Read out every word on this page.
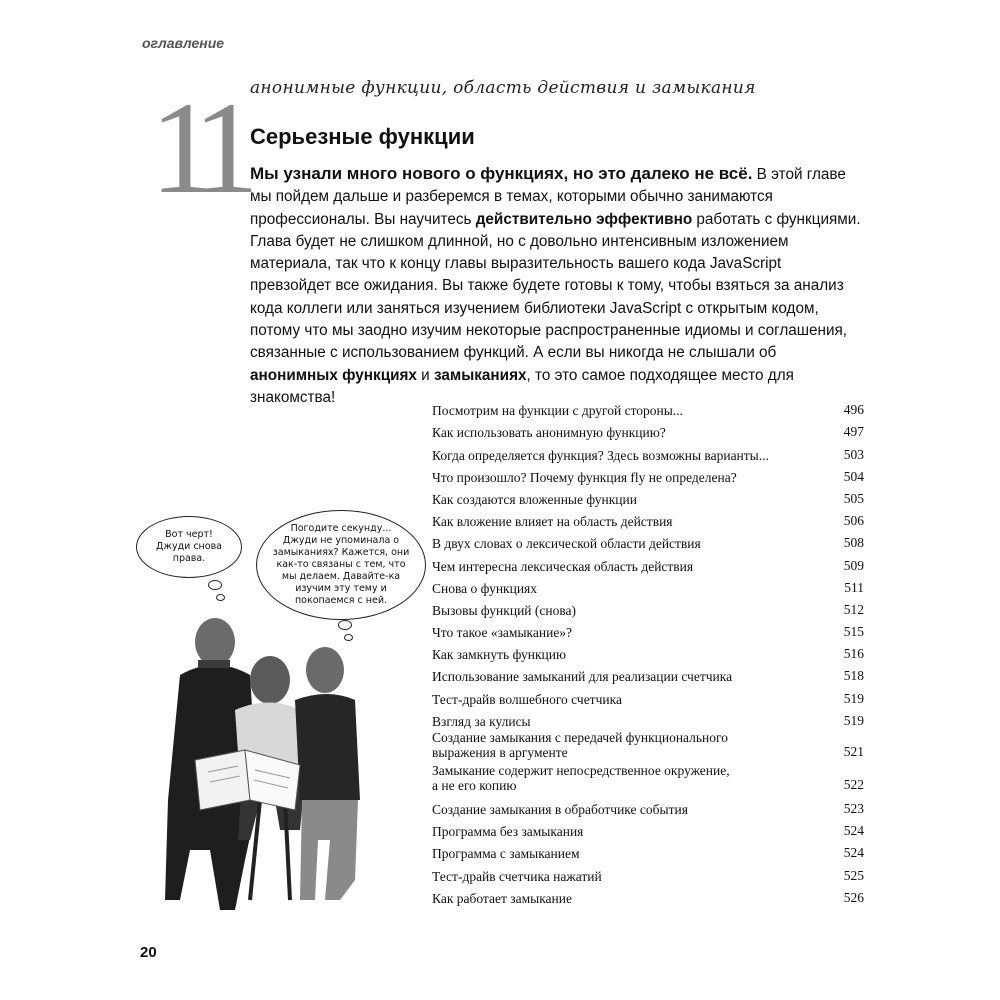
оглавление
11 анонимные функции, область действия и замыкания
Серьезные функции
Мы узнали много нового о функциях, но это далеко не всё. В этой главе мы пойдем дальше и разберемся в темах, которыми обычно занимаются профессионалы. Вы научитесь действительно эффективно работать с функциями. Глава будет не слишком длинной, но с довольно интенсивным изложением материала, так что к концу главы выразительность вашего кода JavaScript превзойдет все ожидания. Вы также будете готовы к тому, чтобы взяться за анализ кода коллеги или заняться изучением библиотеки JavaScript с открытым кодом, потому что мы заодно изучим некоторые распространенные идиомы и соглашения, связанные с использованием функций. А если вы никогда не слышали об анонимных функциях и замыканиях, то это самое подходящее место для знакомства!
Вот черт! Джуди снова права.
Погодите секунду... Джуди не упоминала о замыканиях? Кажется, они как-то связаны с тем, что мы делаем. Давайте-ка изучим эту тему и покопаемся с ней.
Посмотрим на функции с другой стороны...	496
Как использовать анонимную функцию?	497
Когда определяется функция? Здесь возможны варианты...	503
Что произошло? Почему функция fly не определена?	504
Как создаются вложенные функции	505
Как вложение влияет на область действия	506
В двух словах о лексической области действия	508
Чем интересна лексическая область действия	509
Снова о функциях	511
Вызовы функций (снова)	512
Что такое «замыкание»?	515
Как замкнуть функцию	516
Использование замыканий для реализации счетчика	518
Тест-драйв волшебного счетчика	519
Взгляд за кулисы	519
Создание замыкания с передачей функционального
выражения в аргументе	521
Замыкание содержит непосредственное окружение,
а не его копию	522
Создание замыкания в обработчике события	523
Программа без замыкания	524
Программа с замыканием	524
Тест-драйв счетчика нажатий	525
Как работает замыкание	526
20
